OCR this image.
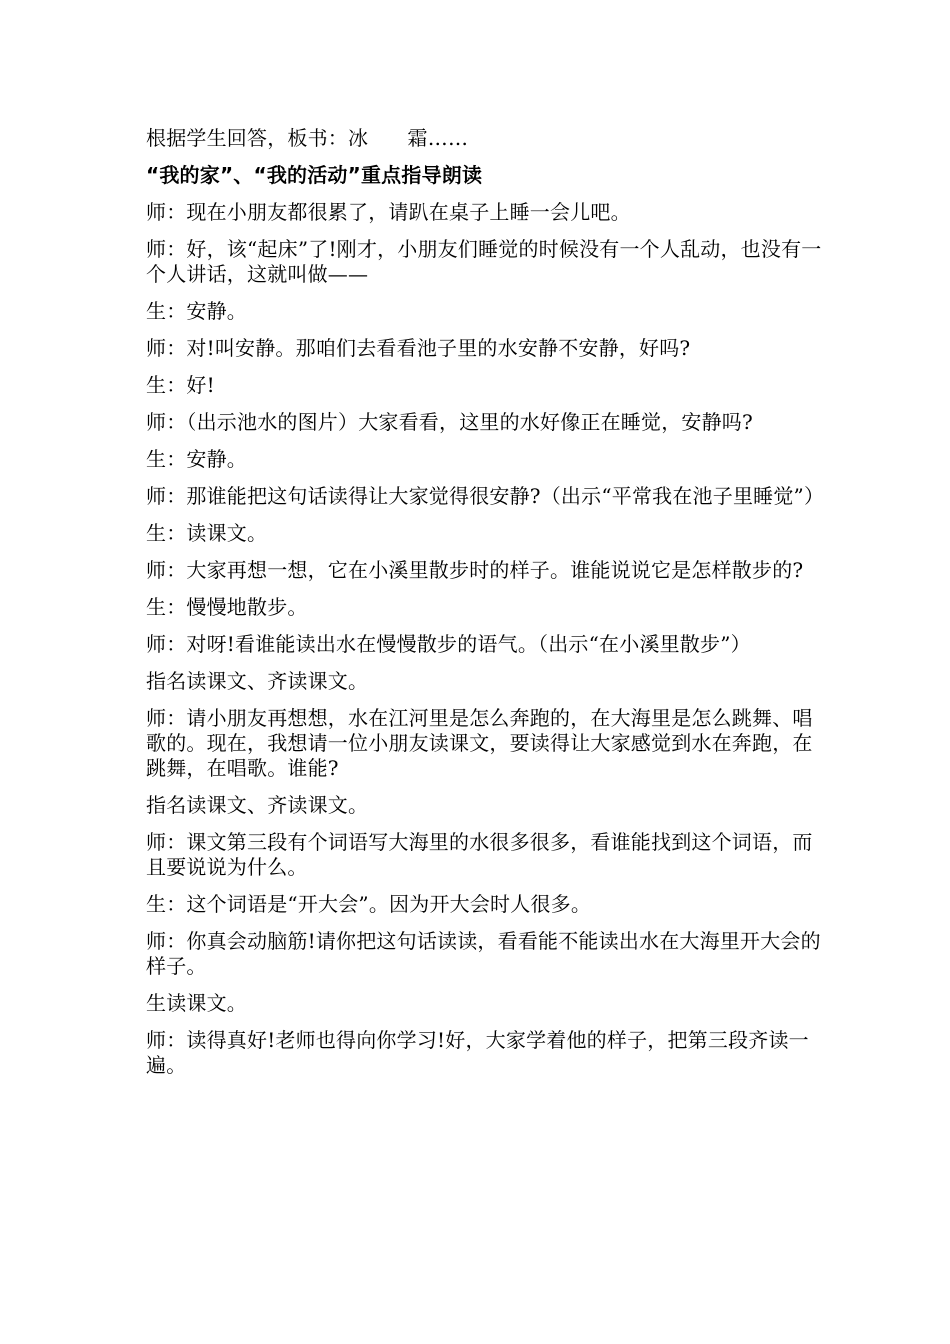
根据学生回答，板书：冰      霜……

“我的家”、“我的活动”重点指导朗读

师：现在小朋友都很累了，请趴在桌子上睡一会儿吧。

师：好，该“起床”了!刚才，小朋友们睡觉的时候没有一个人乱动，也没有一个人讲话，这就叫做——

生：安静。

师：对!叫安静。那咱们去看看池子里的水安静不安静，好吗?

生：好!

师：（出示池水的图片）大家看看，这里的水好像正在睡觉，安静吗?

生：安静。

师：那谁能把这句话读得让大家觉得很安静?（出示“平常我在池子里睡觉”）

生：读课文。

师：大家再想一想，它在小溪里散步时的样子。谁能说说它是怎样散步的?

生：慢慢地散步。

师：对呀!看谁能读出水在慢慢散步的语气。（出示“在小溪里散步”）

指名读课文、齐读课文。

师：请小朋友再想想，水在江河里是怎么奔跑的，在大海里是怎么跳舞、唱歌的。现在，我想请一位小朋友读课文，要读得让大家感觉到水在奔跑，在跳舞，在唱歌。谁能?

指名读课文、齐读课文。

师：课文第三段有个词语写大海里的水很多很多，看谁能找到这个词语，而且要说说为什么。

生：这个词语是“开大会”。因为开大会时人很多。

师：你真会动脑筋!请你把这句话读读，看看能不能读出水在大海里开大会的样子。

生读课文。

师：读得真好!老师也得向你学习!好，大家学着他的样子，把第三段齐读一遍。
